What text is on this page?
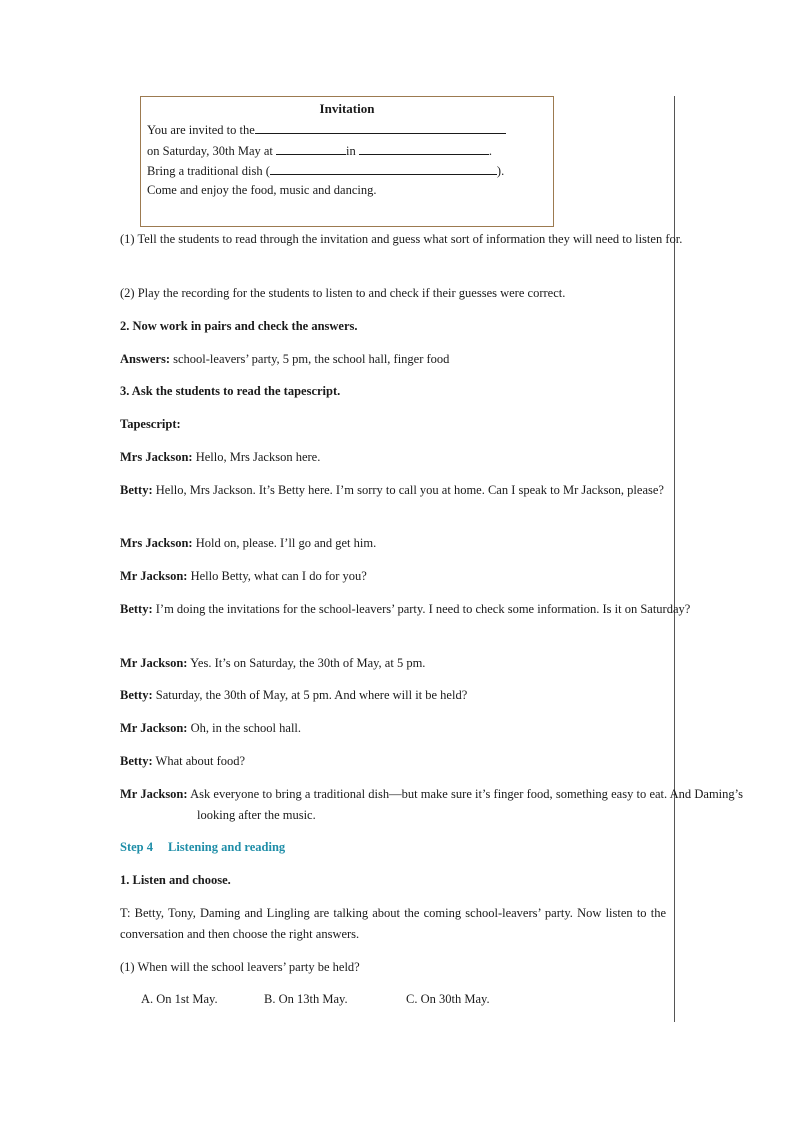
Invitation
You are invited to the
on Saturday, 30th May at	in	.
Bring a traditional dish (	).
Come and enjoy the food, music and dancing.
(1) Tell the students to read through the invitation and guess what sort of information they will need to listen for.
(2) Play the recording for the students to listen to and check if their guesses were correct.
2. Now work in pairs and check the answers.
Answers: school-leavers’ party, 5 pm, the school hall, finger food
3. Ask the students to read the tapescript.
Tapescript:
Mrs Jackson: Hello, Mrs Jackson here.
Betty: Hello, Mrs Jackson. It’s Betty here. I’m sorry to call you at home. Can I speak to Mr Jackson, please?
Mrs Jackson: Hold on, please. I’ll go and get him.
Mr Jackson: Hello Betty, what can I do for you?
Betty: I’m doing the invitations for the school-leavers’ party. I need to check some information. Is it on Saturday?
Mr Jackson: Yes. It’s on Saturday, the 30th of May, at 5 pm.
Betty: Saturday, the 30th of May, at 5 pm. And where will it be held?
Mr Jackson: Oh, in the school hall.
Betty: What about food?
Mr Jackson: Ask everyone to bring a traditional dish—but make sure it’s finger food, something easy to eat. And Daming’s looking after the music.
Step 4 Listening and reading
1. Listen and choose.
T: Betty, Tony, Daming and Lingling are talking about the coming school-leavers’ party. Now listen to the conversation and then choose the right answers.
(1) When will the school leavers’ party be held?
A. On 1st May.	B. On 13th May.	C. On 30th May.
